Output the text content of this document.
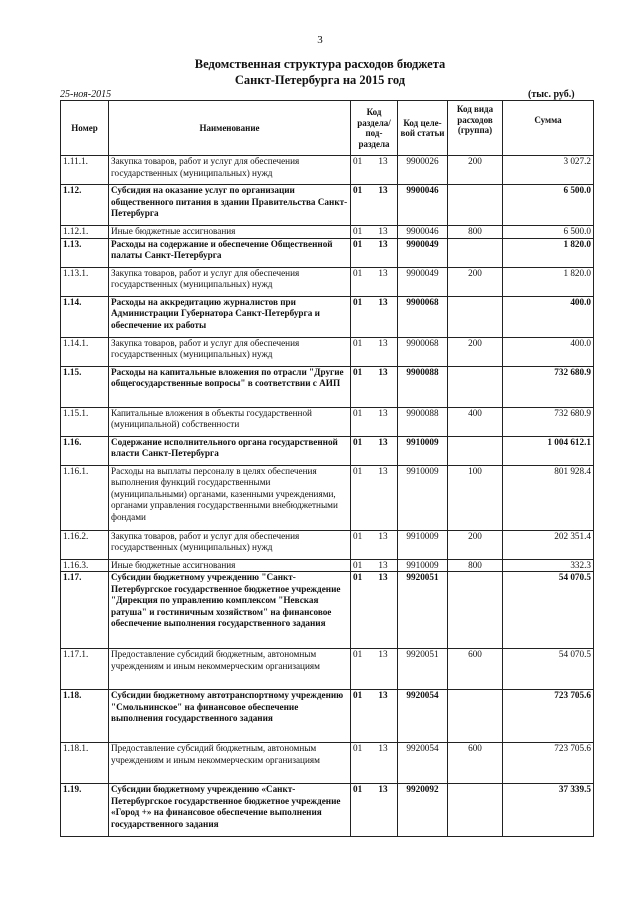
3
Ведомственная структура расходов бюджета
Санкт-Петербурга на 2015 год
25-ноя-2015	(тыс. руб.)
Номер	Наименование	Код раздела/ под- раздела	Код целе- вой статьи	Код вида расходов (группа)	Сумма
1.11.1.	Закупка товаров, работ и услуг для обеспечения государственных (муниципальных) нужд	01 13	9900026	200	3 027.2
1.12.	Субсидия на оказание услуг по организации общественного питания в здании Правительства Санкт-Петербурга	01 13	9900046		6 500.0
1.12.1.	Иные бюджетные ассигнования	01 13	9900046	800	6 500.0
1.13.	Расходы на содержание и обеспечение Общественной палаты Санкт-Петербурга	01 13	9900049		1 820.0
1.13.1.	Закупка товаров, работ и услуг для обеспечения государственных (муниципальных) нужд	01 13	9900049	200	1 820.0
1.14.	Расходы на аккредитацию журналистов при Администрации Губернатора Санкт-Петербурга и обеспечение их работы	01 13	9900068		400.0
1.14.1.	Закупка товаров, работ и услуг для обеспечения государственных (муниципальных) нужд	01 13	9900068	200	400.0
1.15.	Расходы на капитальные вложения по отрасли "Другие общегосударственные вопросы" в соответствии с АИП	01 13	9900088		732 680.9
1.15.1.	Капитальные вложения в объекты государственной (муниципальной) собственности	01 13	9900088	400	732 680.9
1.16.	Содержание исполнительного органа государственной власти Санкт-Петербурга	01 13	9910009		1 004 612.1
1.16.1.	Расходы на выплаты персоналу в целях обеспечения выполнения функций государственными (муниципальными) органами, казенными учреждениями, органами управления государственными внебюджетными фондами	01 13	9910009	100	801 928.4
1.16.2.	Закупка товаров, работ и услуг для обеспечения государственных (муниципальных) нужд	01 13	9910009	200	202 351.4
1.16.3.	Иные бюджетные ассигнования	01 13	9910009	800	332.3
1.17.	Субсидии бюджетному учреждению "Санкт-Петербургское государственное бюджетное учреждение "Дирекция по управлению комплексом "Невская ратуша" и гостиничным хозяйством" на финансовое обеспечение выполнения государственного задания	01 13	9920051		54 070.5
1.17.1.	Предоставление субсидий бюджетным, автономным учреждениям и иным некоммерческим организациям	01 13	9920051	600	54 070.5
1.18.	Субсидии бюджетному автотранспортному учреждению "Смольнинское" на финансовое обеспечение выполнения государственного задания	01 13	9920054		723 705.6
1.18.1.	Предоставление субсидий бюджетным, автономным учреждениям и иным некоммерческим организациям	01 13	9920054	600	723 705.6
1.19.	Субсидии бюджетному учреждению «Санкт-Петербургское государственное бюджетное учреждение «Город +» на финансовое обеспечение выполнения государственного задания	01 13	9920092		37 339.5
